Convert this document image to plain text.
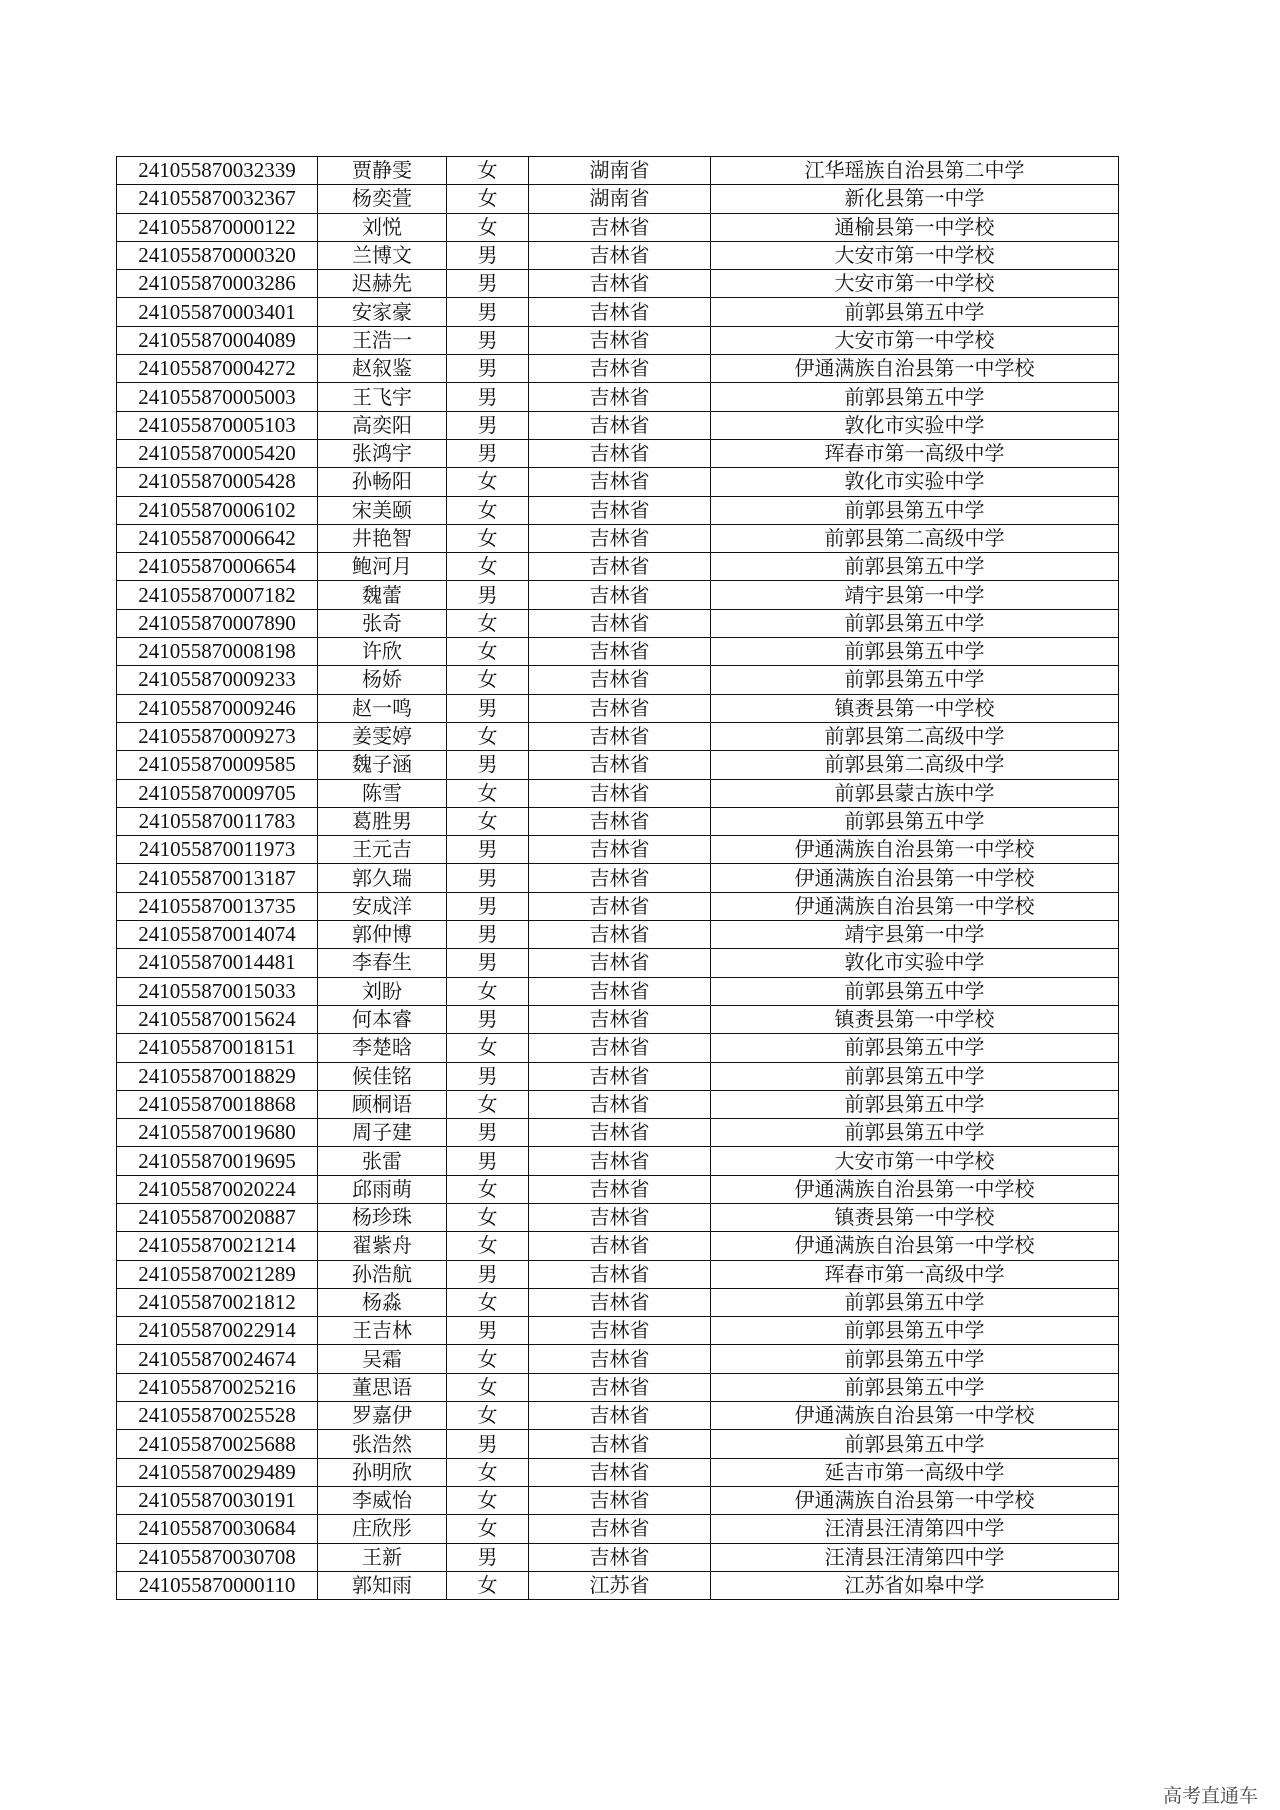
241055870032339	贾静雯	女	湖南省	江华瑶族自治县第二中学
241055870032367	杨奕萱	女	湖南省	新化县第一中学
241055870000122	刘悦	女	吉林省	通榆县第一中学校
241055870000320	兰博文	男	吉林省	大安市第一中学校
241055870003286	迟赫先	男	吉林省	大安市第一中学校
241055870003401	安家豪	男	吉林省	前郭县第五中学
241055870004089	王浩一	男	吉林省	大安市第一中学校
241055870004272	赵叙鉴	男	吉林省	伊通满族自治县第一中学校
241055870005003	王飞宇	男	吉林省	前郭县第五中学
241055870005103	高奕阳	男	吉林省	敦化市实验中学
241055870005420	张鸿宇	男	吉林省	珲春市第一高级中学
241055870005428	孙畅阳	女	吉林省	敦化市实验中学
241055870006102	宋美颐	女	吉林省	前郭县第五中学
241055870006642	井艳智	女	吉林省	前郭县第二高级中学
241055870006654	鲍河月	女	吉林省	前郭县第五中学
241055870007182	魏蕾	男	吉林省	靖宇县第一中学
241055870007890	张奇	女	吉林省	前郭县第五中学
241055870008198	许欣	女	吉林省	前郭县第五中学
241055870009233	杨娇	女	吉林省	前郭县第五中学
241055870009246	赵一鸣	男	吉林省	镇赉县第一中学校
241055870009273	姜雯婷	女	吉林省	前郭县第二高级中学
241055870009585	魏子涵	男	吉林省	前郭县第二高级中学
241055870009705	陈雪	女	吉林省	前郭县蒙古族中学
241055870011783	葛胜男	女	吉林省	前郭县第五中学
241055870011973	王元吉	男	吉林省	伊通满族自治县第一中学校
241055870013187	郭久瑞	男	吉林省	伊通满族自治县第一中学校
241055870013735	安成洋	男	吉林省	伊通满族自治县第一中学校
241055870014074	郭仲博	男	吉林省	靖宇县第一中学
241055870014481	李春生	男	吉林省	敦化市实验中学
241055870015033	刘盼	女	吉林省	前郭县第五中学
241055870015624	何本睿	男	吉林省	镇赉县第一中学校
241055870018151	李楚晗	女	吉林省	前郭县第五中学
241055870018829	候佳铭	男	吉林省	前郭县第五中学
241055870018868	顾桐语	女	吉林省	前郭县第五中学
241055870019680	周子建	男	吉林省	前郭县第五中学
241055870019695	张雷	男	吉林省	大安市第一中学校
241055870020224	邱雨萌	女	吉林省	伊通满族自治县第一中学校
241055870020887	杨珍珠	女	吉林省	镇赉县第一中学校
241055870021214	翟紫舟	女	吉林省	伊通满族自治县第一中学校
241055870021289	孙浩航	男	吉林省	珲春市第一高级中学
241055870021812	杨淼	女	吉林省	前郭县第五中学
241055870022914	王吉林	男	吉林省	前郭县第五中学
241055870024674	吴霜	女	吉林省	前郭县第五中学
241055870025216	董思语	女	吉林省	前郭县第五中学
241055870025528	罗嘉伊	女	吉林省	伊通满族自治县第一中学校
241055870025688	张浩然	男	吉林省	前郭县第五中学
241055870029489	孙明欣	女	吉林省	延吉市第一高级中学
241055870030191	李威怡	女	吉林省	伊通满族自治县第一中学校
241055870030684	庄欣彤	女	吉林省	汪清县汪清第四中学
241055870030708	王新	男	吉林省	汪清县汪清第四中学
241055870000110	郭知雨	女	江苏省	江苏省如皋中学
高考直通车
